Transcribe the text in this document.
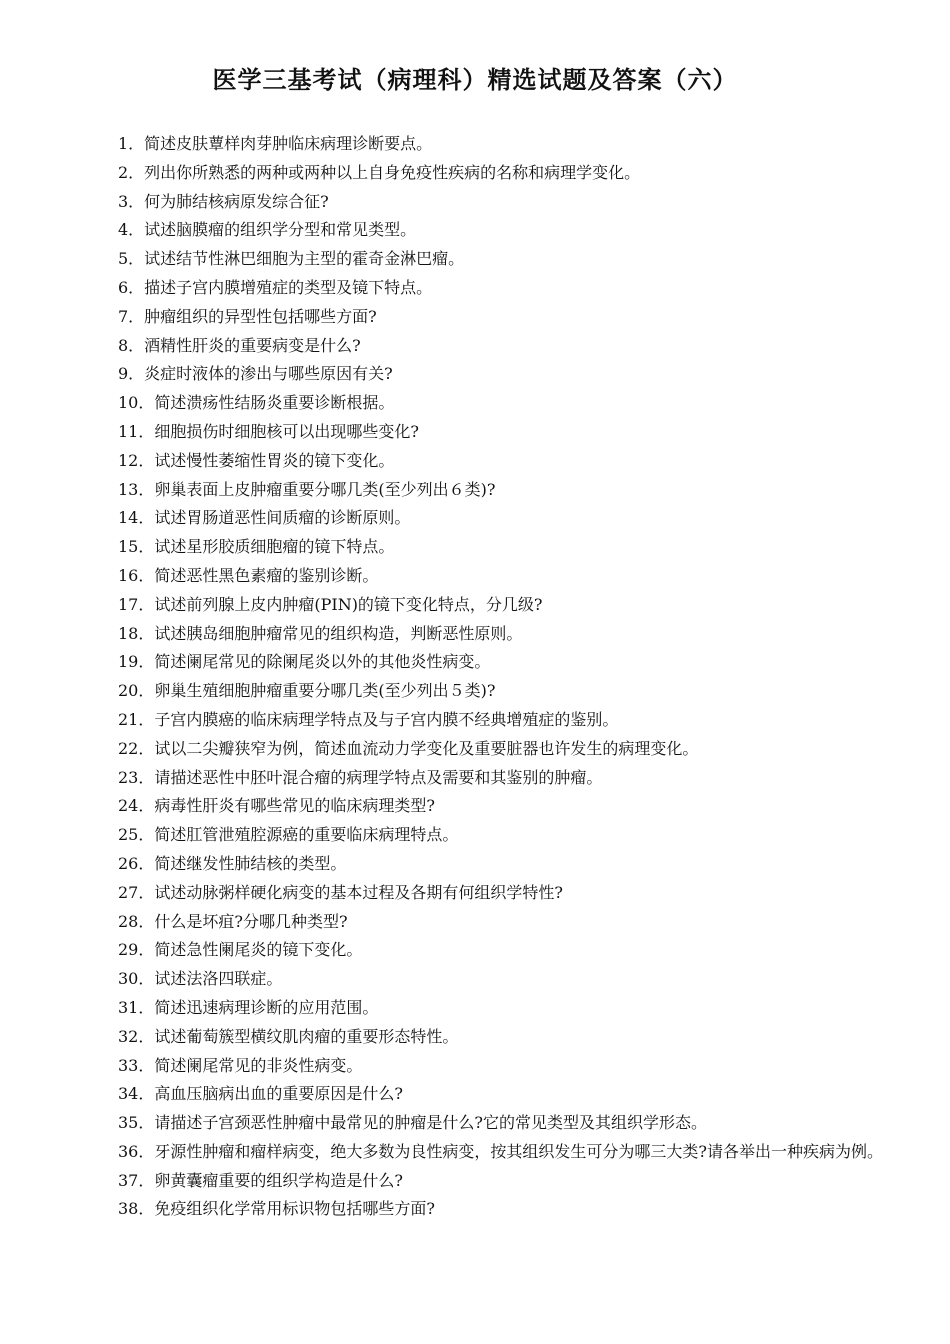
医学三基考试（病理科）精选试题及答案（六）
1．简述皮肤蕈样肉芽肿临床病理诊断要点。
2．列出你所熟悉的两种或两种以上自身免疫性疾病的名称和病理学变化。
3．何为肺结核病原发综合征?
4．试述脑膜瘤的组织学分型和常见类型。
5．试述结节性淋巴细胞为主型的霍奇金淋巴瘤。
6．描述子宫内膜增殖症的类型及镜下特点。
7．肿瘤组织的异型性包括哪些方面?
8．酒精性肝炎的重要病变是什么?
9．炎症时液体的渗出与哪些原因有关?
10．简述溃疡性结肠炎重要诊断根据。
11．细胞损伤时细胞核可以出现哪些变化?
12．试述慢性萎缩性胃炎的镜下变化。
13．卵巢表面上皮肿瘤重要分哪几类(至少列出６类)?
14．试述胃肠道恶性间质瘤的诊断原则。
15．试述星形胶质细胞瘤的镜下特点。
16．简述恶性黑色素瘤的鉴别诊断。
17．试述前列腺上皮内肿瘤(PIN)的镜下变化特点，分几级?
18．试述胰岛细胞肿瘤常见的组织构造，判断恶性原则。
19．简述阑尾常见的除阑尾炎以外的其他炎性病变。
20．卵巢生殖细胞肿瘤重要分哪几类(至少列出５类)?
21．子宫内膜癌的临床病理学特点及与子宫内膜不经典增殖症的鉴别。
22．试以二尖瓣狭窄为例，简述血流动力学变化及重要脏器也许发生的病理变化。
23．请描述恶性中胚叶混合瘤的病理学特点及需要和其鉴别的肿瘤。
24．病毒性肝炎有哪些常见的临床病理类型?
25．简述肛管泄殖腔源癌的重要临床病理特点。
26．简述继发性肺结核的类型。
27．试述动脉粥样硬化病变的基本过程及各期有何组织学特性?
28．什么是坏疽?分哪几种类型?
29．简述急性阑尾炎的镜下变化。
30．试述法洛四联症。
31．简述迅速病理诊断的应用范围。
32．试述葡萄簇型横纹肌肉瘤的重要形态特性。
33．简述阑尾常见的非炎性病变。
34．高血压脑病出血的重要原因是什么?
35．请描述子宫颈恶性肿瘤中最常见的肿瘤是什么?它的常见类型及其组织学形态。
36．牙源性肿瘤和瘤样病变，绝大多数为良性病变，按其组织发生可分为哪三大类?请各举出一种疾病为例。
37．卵黄囊瘤重要的组织学构造是什么?
38．免疫组织化学常用标识物包括哪些方面?
